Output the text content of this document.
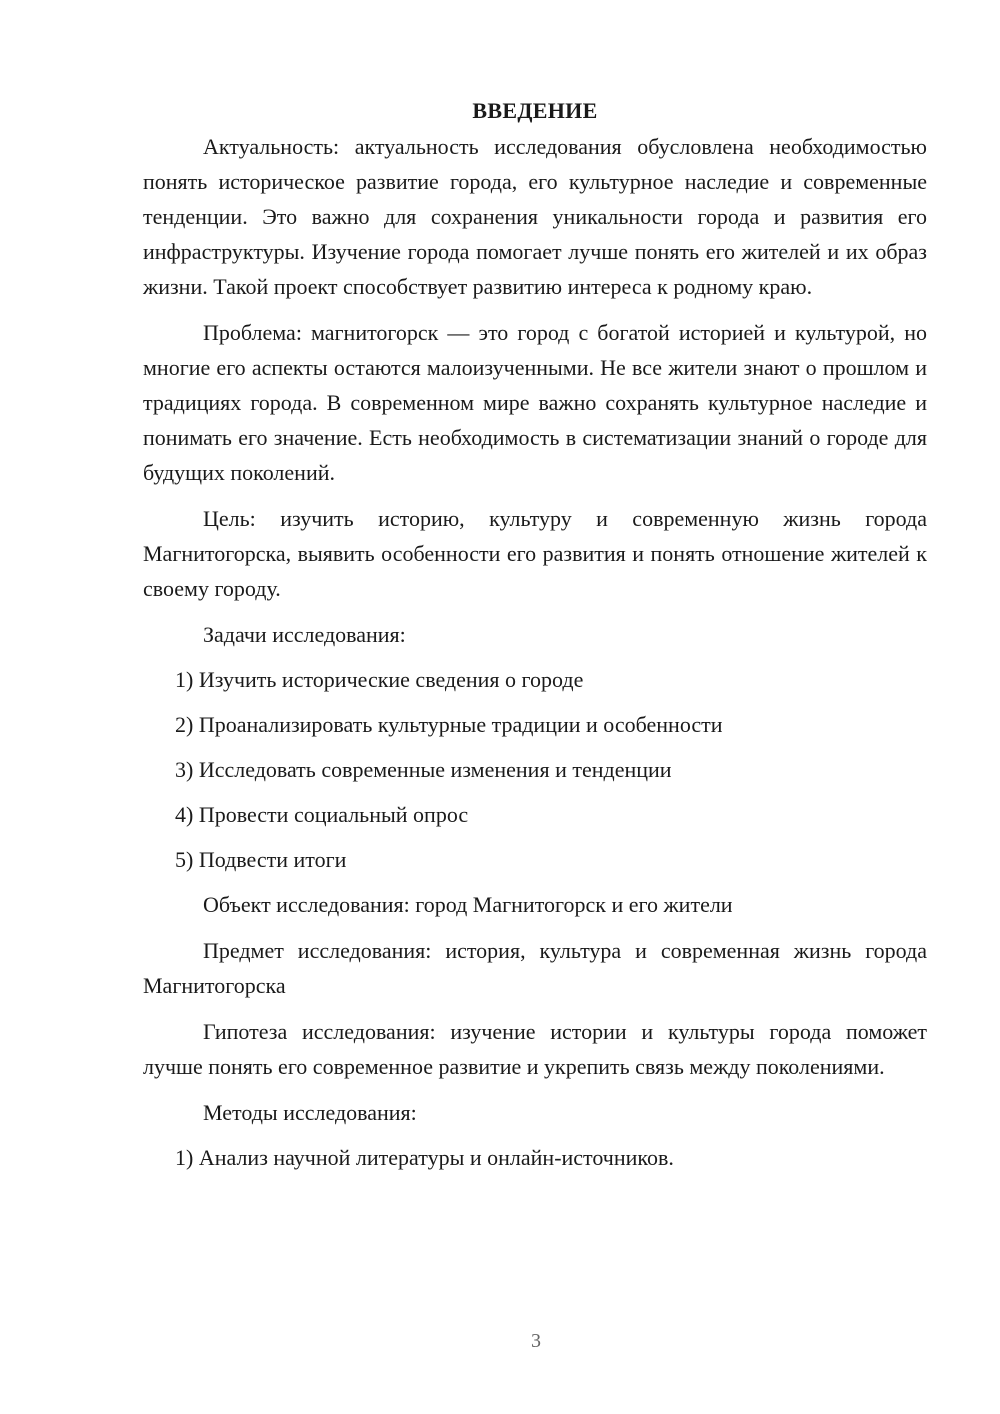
ВВЕДЕНИЕ

Актуальность: актуальность исследования обусловлена необходимостью понять историческое развитие города, его культурное наследие и современные тенденции. Это важно для сохранения уникальности города и развития его инфраструктуры. Изучение города помогает лучше понять его жителей и их образ жизни. Такой проект способствует развитию интереса к родному краю.

Проблема: магнитогорск — это город с богатой историей и культурой, но многие его аспекты остаются малоизученными. Не все жители знают о прошлом и традициях города. В современном мире важно сохранять культурное наследие и понимать его значение. Есть необходимость в систематизации знаний о городе для будущих поколений.

Цель: изучить историю, культуру и современную жизнь города Магнитогорска, выявить особенности его развития и понять отношение жителей к своему городу.

Задачи исследования:

1) Изучить исторические сведения о городе

2) Проанализировать культурные традиции и особенности

3) Исследовать современные изменения и тенденции

4) Провести социальный опрос

5) Подвести итоги

Объект исследования: город Магнитогорск и его жители

Предмет исследования: история, культура и современная жизнь города Магнитогорска

Гипотеза исследования: изучение истории и культуры города поможет лучше понять его современное развитие и укрепить связь между поколениями.

Методы исследования:

1) Анализ научной литературы и онлайн-источников.

3
